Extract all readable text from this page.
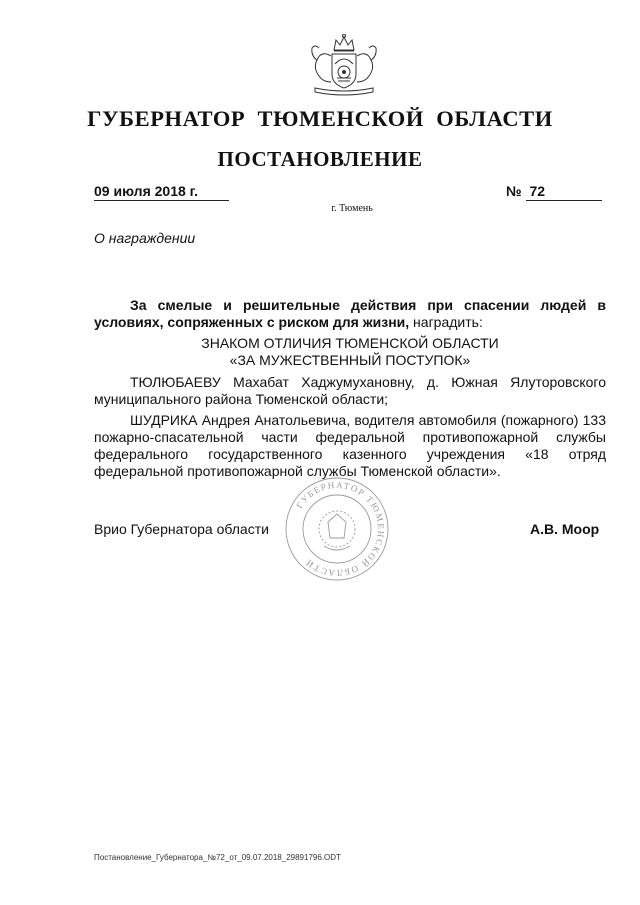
ГУБЕРНАТОР ТЮМЕНСКОЙ ОБЛАСТИ
ПОСТАНОВЛЕНИЕ
09 июля 2018 г.	№ 72
г. Тюмень
О награждении
За смелые и решительные действия при спасении людей в условиях, сопряженных с риском для жизни, наградить:
ЗНАКОМ ОТЛИЧИЯ ТЮМЕНСКОЙ ОБЛАСТИ
«ЗА МУЖЕСТВЕННЫЙ ПОСТУПОК»
ТЮЛЮБАЕВУ Махабат Хаджумухановну, д. Южная Ялуторовского муниципального района Тюменской области;
ШУДРИКА Андрея Анатольевича, водителя автомобиля (пожарного) 133 пожарно-спасательной части федеральной противопожарной службы федерального государственного казенного учреждения «18 отряд федеральной противопожарной службы Тюменской области».
ГУБЕРНАТОР ТЮМЕНСКОЙ ОБЛАСТИ
Врио Губернатора области	А.В. Моор
Постановление_Губернатора_№72_от_09.07.2018_29891796.ODT
